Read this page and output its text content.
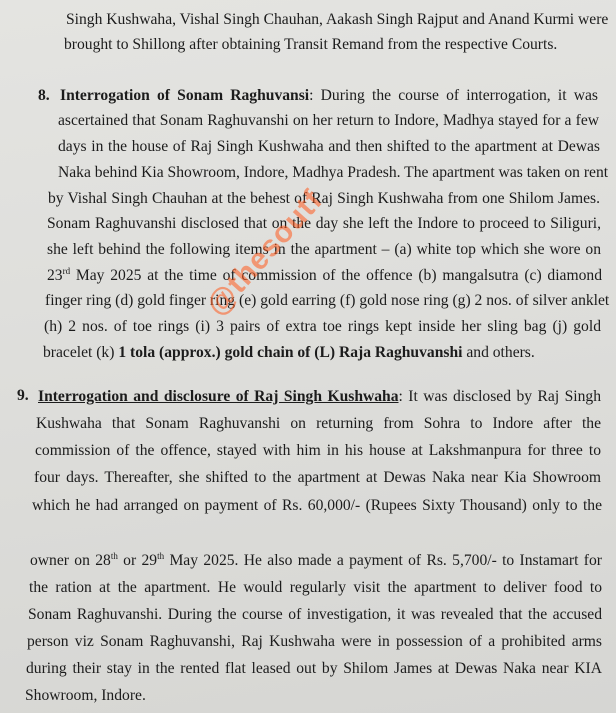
Singh Kushwaha, Vishal Singh Chauhan, Aakash Singh Rajput and Anand Kurmi were
brought to Shillong after obtaining Transit Remand from the respective Courts.
8. Interrogation of Sonam Raghuvansi: During the course of interrogation, it was
ascertained that Sonam Raghuvanshi on her return to Indore, Madhya stayed for a few
days in the house of Raj Singh Kushwaha and then shifted to the apartment at Dewas
Naka behind Kia Showroom, Indore, Madhya Pradesh. The apartment was taken on rent
by Vishal Singh Chauhan at the behest of Raj Singh Kushwaha from one Shilom James.
Sonam Raghuvanshi disclosed that on the day she left the Indore to proceed to Siliguri,
she left behind the following items in the apartment – (a) white top which she wore on
23rd May 2025 at the time of commission of the offence (b) mangalsutra (c) diamond
finger ring (d) gold finger ring (e) gold earring (f) gold nose ring (g) 2 nos. of silver anklet
(h) 2 nos. of toe rings (i) 3 pairs of extra toe rings kept inside her sling bag (j) gold
bracelet (k) 1 tola (approx.) gold chain of (L) Raja Raghuvanshi and others.
9. Interrogation and disclosure of Raj Singh Kushwaha: It was disclosed by Raj Singh
Kushwaha that Sonam Raghuvanshi on returning from Sohra to Indore after the
commission of the offence, stayed with him in his house at Lakshmanpura for three to
four days. Thereafter, she shifted to the apartment at Dewas Naka near Kia Showroom
which he had arranged on payment of Rs. 60,000/- (Rupees Sixty Thousand) only to the
owner on 28th or 29th May 2025. He also made a payment of Rs. 5,700/- to Instamart for
the ration at the apartment. He would regularly visit the apartment to deliver food to
Sonam Raghuvanshi. During the course of investigation, it was revealed that the accused
person viz Sonam Raghuvanshi, Raj Kushwaha were in possession of a prohibited arms
during their stay in the rented flat leased out by Shilom James at Dewas Naka near KIA
Showroom, Indore.
@thesoutf
